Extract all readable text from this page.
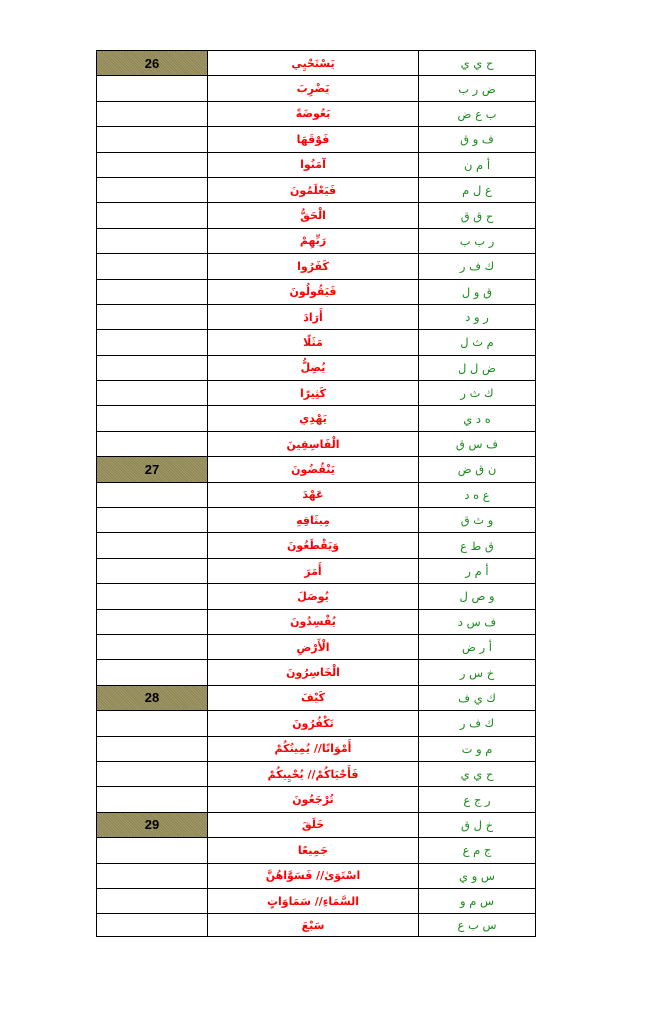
26	يَسْتَحْيِي	ح ي ي
	يَضْرِبَ	ض ر ب
	بَعُوضَةً	ب ع ض
	فَوْقَهَا	ف و ق
	آمَنُوا	أ م ن
	فَيَعْلَمُونَ	ع ل م
	الْحَقُّ	ح ق ق
	رَبِّهِمْ	ر ب ب
	كَفَرُوا	ك ف ر
	فَيَقُولُونَ	ق و ل
	أَرَادَ	ر و د
	مَثَلًا	م ث ل
	يُضِلُّ	ض ل ل
	كَثِيرًا	ك ث ر
	يَهْدِي	ه د ي
	الْفَاسِقِينَ	ف س ق
27	يَنْقُضُونَ	ن ق ض
	عَهْدَ	ع ه د
	مِيثَاقِهِ	و ث ق
	وَيَقْطَعُونَ	ق ط ع
	أَمَرَ	أ م ر
	يُوصَلَ	و ص ل
	يُفْسِدُونَ	ف س د
	الْأَرْضِ	أ ر ض
	الْخَاسِرُونَ	خ س ر
28	كَيْفَ	ك ي ف
	تَكْفُرُونَ	ك ف ر
	أَمْوَاتًا// يُمِيتُكُمْ	م و ت
	فَأَحْيَاكُمْ// يُحْيِيكُمْ	ح ي ي
	تُرْجَعُونَ	ر ج ع
29	خَلَقَ	خ ل ق
	جَمِيعًا	ج م ع
	اسْتَوَىٰ// فَسَوَّاهُنَّ	س و ي
	السَّمَاءِ// سَمَاوَاتٍ	س م و
	سَبْعَ	س ب ع
